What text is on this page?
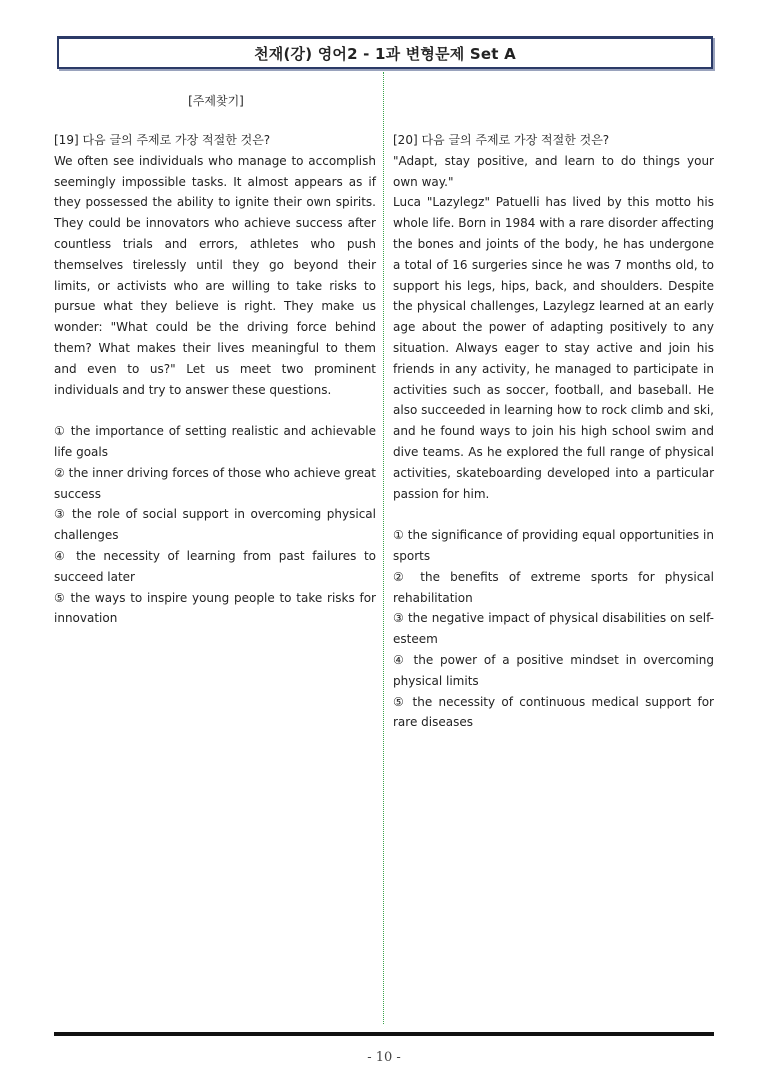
천재(강) 영어2 - 1과 변형문제 Set A
[주제찾기]

[19] 다음 글의 주제로 가장 적절한 것은?

We often see individuals who manage to accomplish seemingly impossible tasks. It almost appears as if they possessed the ability to ignite their own spirits. They could be innovators who achieve success after countless trials and errors, athletes who push themselves tirelessly until they go beyond their limits, or activists who are willing to take risks to pursue what they believe is right. They make us wonder: "What could be the driving force behind them? What makes their lives meaningful to them and even to us?" Let us meet two prominent individuals and try to answer these questions.

① the importance of setting realistic and achievable life goals

② the inner driving forces of those who achieve great success

③ the role of social support in overcoming physical challenges

④ the necessity of learning from past failures to succeed later

⑤ the ways to inspire young people to take risks for innovation

[20] 다음 글의 주제로 가장 적절한 것은?

"Adapt, stay positive, and learn to do things your own way."

Luca "Lazylegz" Patuelli has lived by this motto his whole life. Born in 1984 with a rare disorder affecting the bones and joints of the body, he has undergone a total of 16 surgeries since he was 7 months old, to support his legs, hips, back, and shoulders. Despite the physical challenges, Lazylegz learned at an early age about the power of adapting positively to any situation. Always eager to stay active and join his friends in any activity, he managed to participate in activities such as soccer, football, and baseball. He also succeeded in learning how to rock climb and ski, and he found ways to join his high school swim and dive teams. As he explored the full range of physical activities, skateboarding developed into a particular passion for him.

① the significance of providing equal opportunities in sports

② the benefits of extreme sports for physical rehabilitation

③ the negative impact of physical disabilities on self-esteem

④ the power of a positive mindset in overcoming physical limits

⑤ the necessity of continuous medical support for rare diseases

- 10 -
